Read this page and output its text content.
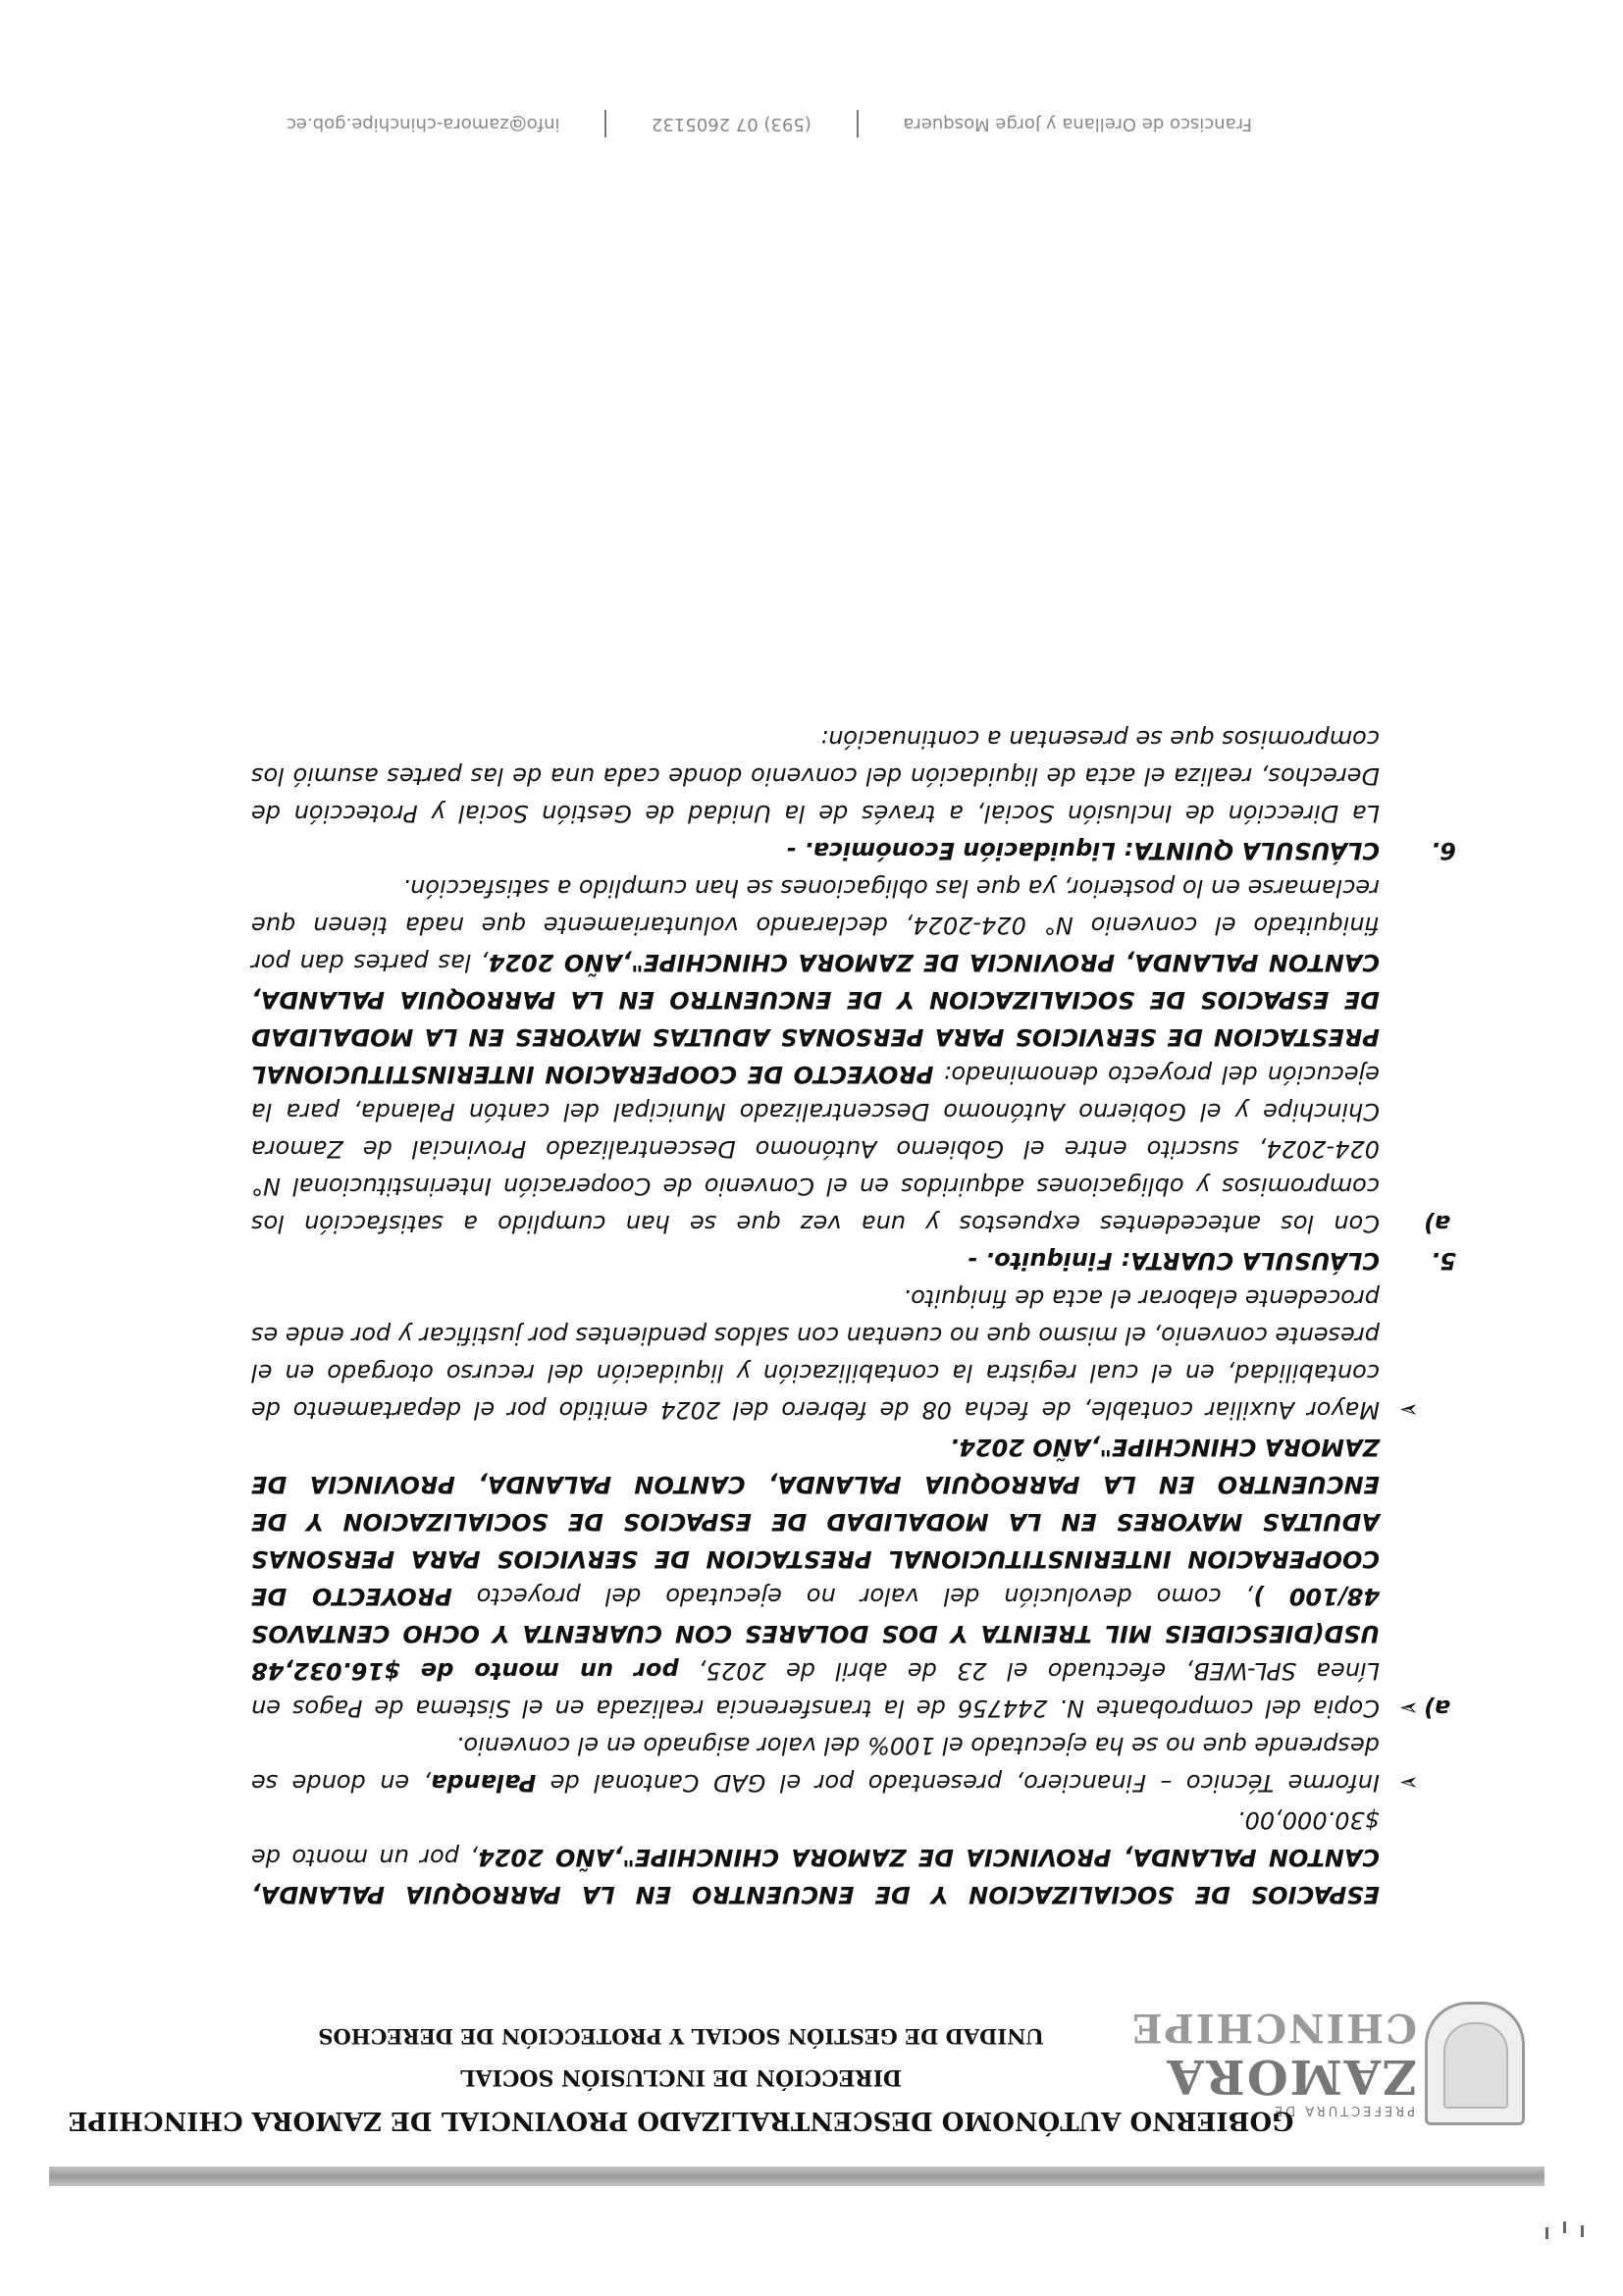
PREFECTURA DE
ZAMORA
CHINCHIPE
GOBIERNO AUTÓNOMO DESCENTRALIZADO PROVINCIAL DE ZAMORA CHINCHIPE
DIRECCIÓN DE INCLUSIÓN SOCIAL
UNIDAD DE GESTIÓN SOCIAL Y PROTECCIÓN DE DERECHOS

ESPACIOS DE SOCIALIZACION Y DE ENCUENTRO EN LA PARROQUIA PALANDA, CANTON PALANDA, PROVINCIA DE ZAMORA CHINCHIPE",AÑO 2024, por un monto de $30.000,00.

➢
Informe Técnico – Financiero, presentado por el GAD Cantonal de Palanda, en donde se desprende que no se ha ejecutado el 100% del valor asignado en el convenio.

a)
➢
Copia del comprobante N. 244756 de la transferencia realizada en el Sistema de Pagos en Línea SPL-WEB, efectuado el 23 de abril de 2025, por un monto de $16.032,48 USD(DIESCIDEIS MIL TREINTA Y DOS DOLARES CON CUARENTA Y OCHO CENTAVOS 48/100 ), como devolución del valor no ejecutado del proyecto PROYECTO DE COOPERACION INTERINSTITUCIONAL PRESTACION DE SERVICIOS PARA PERSONAS ADULTAS MAYORES EN LA MODALIDAD DE ESPACIOS DE SOCIALIZACION Y DE ENCUENTRO EN LA PARROQUIA PALANDA, CANTON PALANDA, PROVINCIA DE ZAMORA CHINCHIPE",AÑO 2024.

➢
Mayor Auxiliar contable, de fecha 08 de febrero del 2024 emitido por el departamento de contabilidad, en el cual registra la contabilización y liquidación del recurso otorgado en el presente convenio, el mismo que no cuentan con saldos pendientes por justificar y por ende es procedente elaborar el acta de finiquito.

5.
CLÁUSULA CUARTA: Finiquito. -

a)
Con los antecedentes expuestos y una vez que se han cumplido a satisfacción los compromisos y obligaciones adquiridos en el Convenio de Cooperación Interinstitucional N° 024-2024, suscrito entre el Gobierno Autónomo Descentralizado Provincial de Zamora Chinchipe y el Gobierno Autónomo Descentralizado Municipal del cantón Palanda, para la ejecución del proyecto denominado: PROYECTO DE COOPERACION INTERINSTITUCIONAL PRESTACION DE SERVICIOS PARA PERSONAS ADULTAS MAYORES EN LA MODALIDAD DE ESPACIOS DE SOCIALIZACION Y DE ENCUENTRO EN LA PARROQUIA PALANDA, CANTON PALANDA, PROVINCIA DE ZAMORA CHINCHIPE",AÑO 2024, las partes dan por finiquitado el convenio N° 024-2024, declarando voluntariamente que nada tienen que reclamarse en lo posterior, ya que las obligaciones se han cumplido a satisfacción.

6.
CLÁUSULA QUINTA: Liquidación Económica. -

La Dirección de Inclusión Social, a través de la Unidad de Gestión Social y Protección de Derechos, realiza el acta de liquidación del convenio donde cada una de las partes asumió los compromisos que se presentan a continuación:

Francisco de Orellana y Jorge Mosquera  (593) 07 2605132  info@zamora-chinchipe.gob.ec
